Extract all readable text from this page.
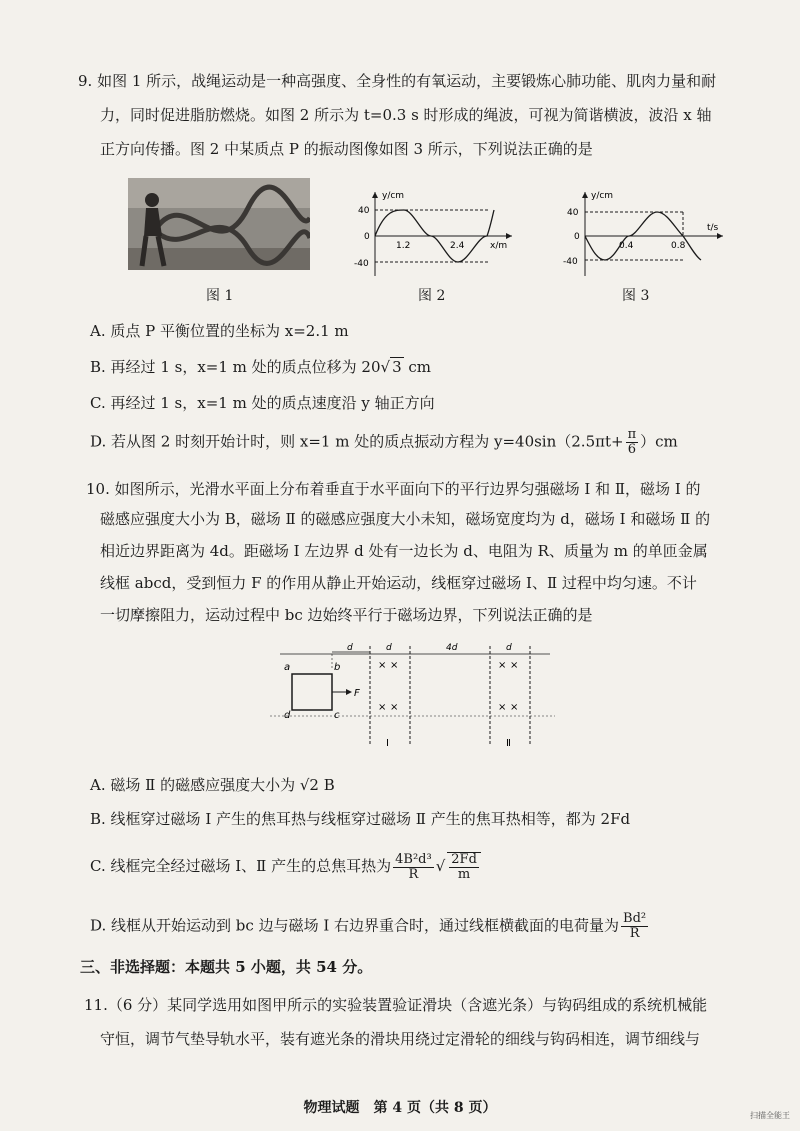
9. 如图 1 所示，战绳运动是一种高强度、全身性的有氧运动，主要锻炼心肺功能、肌肉力量和耐
力，同时促进脂肪燃烧。如图 2 所示为 t=0.3 s 时形成的绳波，可视为简谐横波，波沿 x 轴
正方向传播。图 2 中某质点 P 的振动图像如图 3 所示，下列说法正确的是
图 1
y/cm
40
-40
0
1.2	2.4	x/m
图 2
y/cm
40
-40
0
0.4	0.8
t/s
图 3
A. 质点 P 平衡位置的坐标为 x=2.1 m
B. 再经过 1 s，x=1 m 处的质点位移为 20√ 3 cm
C. 再经过 1 s，x=1 m 处的质点速度沿 y 轴正方向
D. 若从图 2 时刻开始计时，则 x=1 m 处的质点振动方程为 $y=40\sin(2.5\pi t+ \frac{\pi}{6} )cm$
10. 如图所示，光滑水平面上分布着垂直于水平面向下的平行边界匀强磁场 Ⅰ 和 Ⅱ，磁场 Ⅰ 的
磁感应强度大小为 B，磁场 Ⅱ 的磁感应强度大小未知，磁场宽度均为 d，磁场 Ⅰ 和磁场 Ⅱ 的
相近边界距离为 4d。距磁场 Ⅰ 左边界 d 处有一边长为 d、电阻为 R、质量为 m 的单匝金属
线框 abcd，受到恒力 F 的作用从静止开始运动，线框穿过磁场 Ⅰ、Ⅱ 过程中均匀速。不计
一切摩擦阻力，运动过程中 bc 边始终平行于磁场边界，下列说法正确的是
a	b
c
d
F
d	d
× ×
× ×
Ⅰ
4d	d
× ×
× ×
Ⅱ
A. 磁场 Ⅱ 的磁感应强度大小为 √2 B
B. 线框穿过磁场 Ⅰ 产生的焦耳热与线框穿过磁场 Ⅱ 产生的焦耳热相等，都为 2Fd
C. 线框完全经过磁场 Ⅰ、Ⅱ 产生的总焦耳热为 $\frac{\text{4B²d³}}{R}$ √ $\frac{2Fd}{m}$
D. 线框从开始运动到 bc 边与磁场 Ⅰ 右边界重合时，通过线框横截面的电荷量为 $\frac{\text{Bd²}}{R}$
三、非选择题：本题共 5 小题，共 54 分。
11.（6 分）某同学选用如图甲所示的实验装置验证滑块（含遮光条）与钩码组成的系统机械能
守恒，调节气垫导轨水平，装有遮光条的滑块用绕过定滑轮的细线与钩码相连，调节细线与
物理试题　第 4 页（共 8 页）	扫描全能王
